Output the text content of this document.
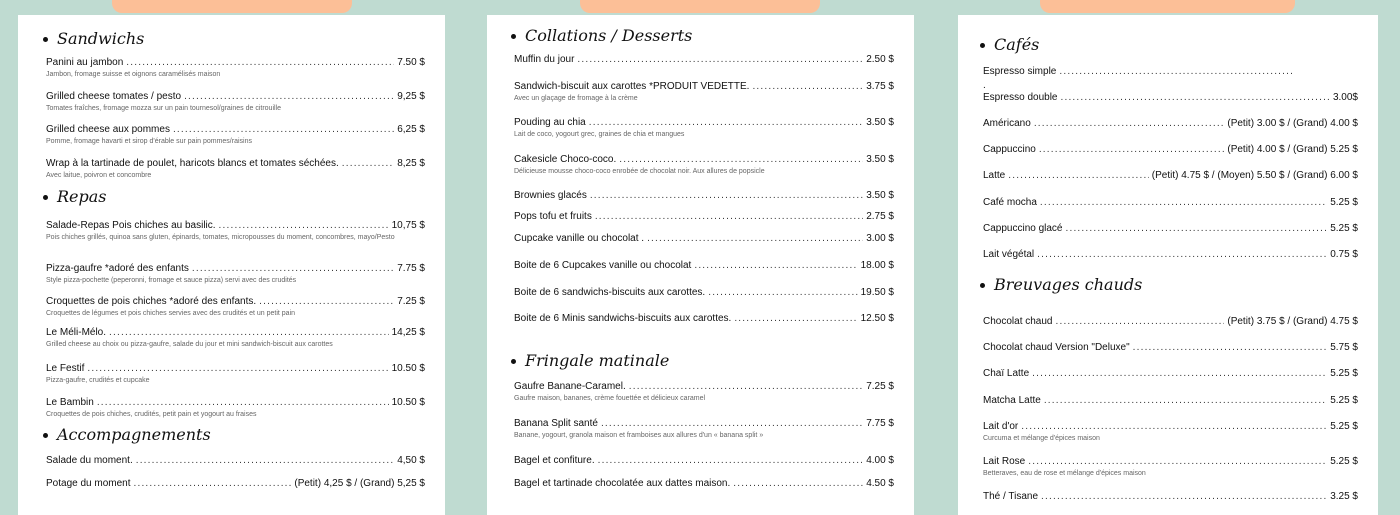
.
Sandwichs
Panini au jambon .....	7.50 $
Jambon, fromage suisse et oignons caramélisés maison
Grilled cheese tomates / pesto .....	9,25 $
Tomates fraîches, fromage mozza sur un pain tournesol/graines de citrouille
Grilled cheese aux pommes .....	6,25 $
Pomme, fromage havarti et sirop d'érable sur pain pommes/raisins
Wrap à la tartinade de poulet, haricots blancs et tomates séchées. .....	8,25 $
Avec laitue, poivron et concombre
Repas
Salade-Repas Pois chiches au basilic. .....	10,75 $
Pois chiches grillés, quinoa sans gluten, épinards, tomates, micropousses du moment, concombres, mayo/Pesto
Pizza-gaufre *adoré des enfants .....	7.75 $
Style pizza-pochette (peperonni, fromage et sauce pizza) servi avec des crudités
Croquettes de pois chiches *adoré des enfants. .....	7.25 $
Croquettes de légumes et pois chiches servies avec des crudités et un petit pain
Le Méli-Mélo. .....	14,25 $
Grilled cheese au choix ou pizza-gaufre, salade du jour et mini sandwich-biscuit aux carottes
Le Festif .....	10.50 $
Pizza-gaufre, crudités et cupcake
Le Bambin .....	10.50 $
Croquettes de pois chiches, crudités, petit pain et yogourt au fraises
Accompagnements
Salade du moment. .....	4,50 $
Potage du moment .....	(Petit) 4,25 $ / (Grand) 5,25 $
Collations / Desserts
Muffin du jour .....	2.50 $
Sandwich-biscuit aux carottes *PRODUIT VEDETTE. .....	3.75 $
Avec un glaçage de fromage à la crème
Pouding au chia .....	3.50 $
Lait de coco, yogourt grec, graines de chia et mangues
Cakesicle Choco-coco. .....	3.50 $
Délicieuse mousse choco-coco enrobée de chocolat noir. Aux allures de popsicle
Brownies glacés .....	3.50 $
Pops tofu et fruits .....	2.75 $
Cupcake vanille ou chocolat . .....	3.00 $
Boite de 6 Cupcakes vanille ou chocolat .....	18.00 $
Boite de 6 sandwichs-biscuits aux carottes. .....	19.50 $
Boite de 6 Minis sandwichs-biscuits aux carottes. .....	12.50 $
Fringale matinale
Gaufre Banane-Caramel. .....	7.25 $
Gaufre maison, bananes, crème fouettée et délicieux caramel
Banana Split santé .....	7.75 $
Banane, yogourt, granola maison et framboises aux allures d'un « banana split »
Bagel et confiture. .....	4.00 $
Bagel et tartinade chocolatée aux dattes maison. .....	4.50 $
Cafés
Espresso simple
.....
Espresso double .....	3.00$
Américano .....	(Petit) 3.00 $ / (Grand) 4.00 $
Cappuccino .....	(Petit) 4.00 $ / (Grand) 5.25 $
Latte .....	(Petit) 4.75 $ / (Moyen) 5.50 $ / (Grand) 6.00 $
Café mocha .....	5.25 $
Cappuccino glacé .....	5.25 $
Lait végétal .....	0.75 $
Breuvages chauds
Chocolat chaud .....	(Petit) 3.75 $ / (Grand) 4.75 $
Chocolat chaud Version "Deluxe" .....	5.75 $
Chaï Latte .....	5.25 $
Matcha Latte .....	5.25 $
Lait d'or .....	5.25 $
Curcuma et mélange d'épices maison
Lait Rose .....	5.25 $
Betteraves, eau de rose et mélange d'épices maison
Thé / Tisane .....	3.25 $
